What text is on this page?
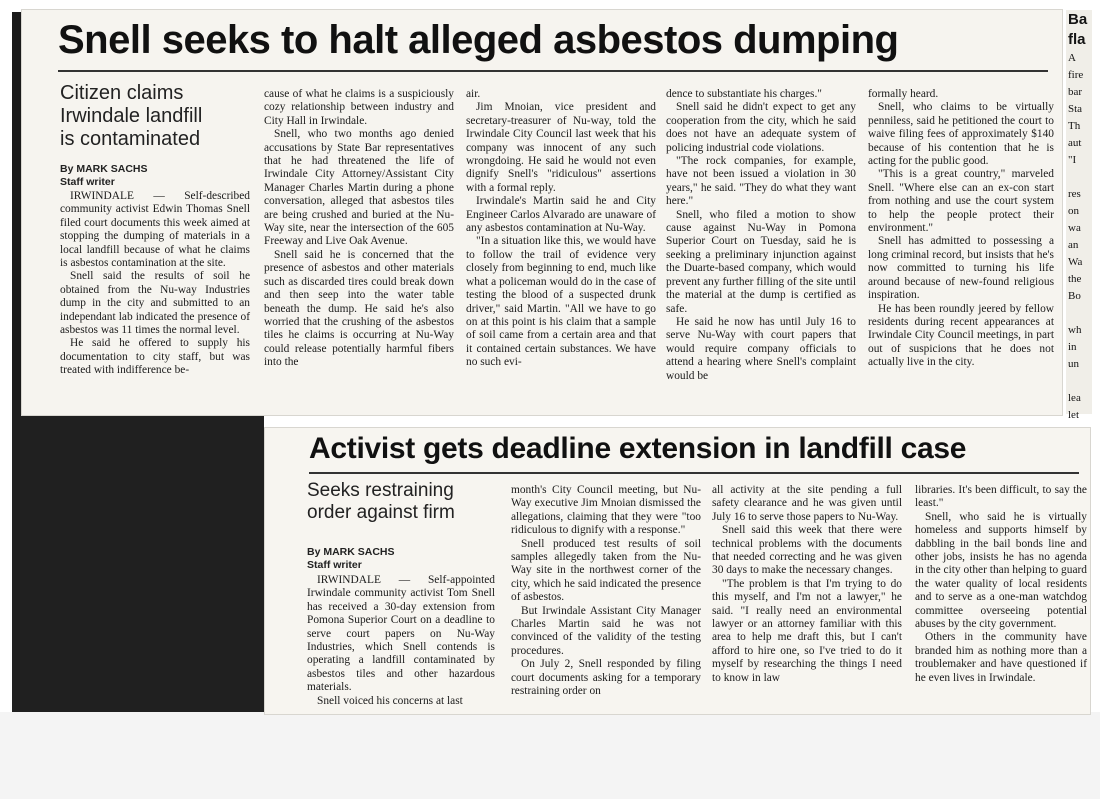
Snell seeks to halt alleged asbestos dumping
Citizen claims
Irwindale landfill
is contaminated
By MARK SACHS
Staff writer

IRWINDALE — Self-described community activist Edwin Thomas Snell filed court documents this week aimed at stopping the dumping of materials in a local landfill because of what he claims is asbestos contamination at the site.

Snell said the results of soil he obtained from the Nu-way Industries dump in the city and submitted to an independant lab indicated the presence of asbestos was 11 times the normal level.

He said he offered to supply his documentation to city staff, but was treated with indifference be-

cause of what he claims is a suspiciously cozy relationship between industry and City Hall in Irwindale.

Snell, who two months ago denied accusations by State Bar representatives that he had threatened the life of Irwindale City Attorney/Assistant City Manager Charles Martin during a phone conversation, alleged that asbestos tiles are being crushed and buried at the Nu-Way site, near the intersection of the 605 Freeway and Live Oak Avenue.

Snell said he is concerned that the presence of asbestos and other materials such as discarded tires could break down and then seep into the water table beneath the dump. He said he's also worried that the crushing of the asbestos tiles he claims is occurring at Nu-Way could release potentially harmful fibers into the

air.

Jim Mnoian, vice president and secretary-treasurer of Nu-way, told the Irwindale City Council last week that his company was innocent of any such wrongdoing. He said he would not even dignify Snell's "ridiculous" assertions with a formal reply.

Irwindale's Martin said he and City Engineer Carlos Alvarado are unaware of any asbestos contamination at Nu-Way.

"In a situation like this, we would have to follow the trail of evidence very closely from beginning to end, much like what a policeman would do in the case of testing the blood of a suspected drunk driver," said Martin. "All we have to go on at this point is his claim that a sample of soil came from a certain area and that it contained certain substances. We have no such evi-

dence to substantiate his charges."

Snell said he didn't expect to get any cooperation from the city, which he said does not have an adequate system of policing industrial code violations.

"The rock companies, for example, have not been issued a violation in 30 years," he said. "They do what they want here."

Snell, who filed a motion to show cause against Nu-Way in Pomona Superior Court on Tuesday, said he is seeking a preliminary injunction against the Duarte-based company, which would prevent any further filling of the site until the material at the dump is certified as safe.

He said he now has until July 16 to serve Nu-Way with court papers that would require company officials to attend a hearing where Snell's complaint would be

formally heard.

Snell, who claims to be virtually penniless, said he petitioned the court to waive filing fees of approximately $140 because of his contention that he is acting for the public good.

"This is a great country," marveled Snell. "Where else can an ex-con start from nothing and use the court system to help the people protect their environment."

Snell has admitted to possessing a long criminal record, but insists that he's now committed to turning his life around because of new-found religious inspiration.

He has been roundly jeered by fellow residents during recent appearances at Irwindale City Council meetings, in part out of suspicions that he does not actually live in the city.

Ba
fla
A
fire
bar
Sta
Th
aut
"I

res
on
wa
an
Wa
the
Bo

wh
in
un

lea
let
Activist gets deadline extension in landfill case
Seeks restraining
order against firm
By MARK SACHS
Staff writer

IRWINDALE — Self-appointed Irwindale community activist Tom Snell has received a 30-day extension from Pomona Superior Court on a deadline to serve court papers on Nu-Way Industries, which Snell contends is operating a landfill contaminated by asbestos tiles and other hazardous materials.

Snell voiced his concerns at last

month's City Council meeting, but Nu-Way executive Jim Mnoian dismissed the allegations, claiming that they were "too ridiculous to dignify with a response."

Snell produced test results of soil samples allegedly taken from the Nu-Way site in the northwest corner of the city, which he said indicated the presence of asbestos.

But Irwindale Assistant City Manager Charles Martin said he was not convinced of the validity of the testing procedures.

On July 2, Snell responded by filing court documents asking for a temporary restraining order on

all activity at the site pending a full safety clearance and he was given until July 16 to serve those papers to Nu-Way.

Snell said this week that there were technical problems with the documents that needed correcting and he was given 30 days to make the necessary changes.

"The problem is that I'm trying to do this myself, and I'm not a lawyer," he said. "I really need an environmental lawyer or an attorney familiar with this area to help me draft this, but I can't afford to hire one, so I've tried to do it myself by researching the things I need to know in law

libraries. It's been difficult, to say the least."

Snell, who said he is virtually homeless and supports himself by dabbling in the bail bonds line and other jobs, insists he has no agenda in the city other than helping to guard the water quality of local residents and to serve as a one-man watchdog committee overseeing potential abuses by the city government.

Others in the community have branded him as nothing more than a troublemaker and have questioned if he even lives in Irwindale.
